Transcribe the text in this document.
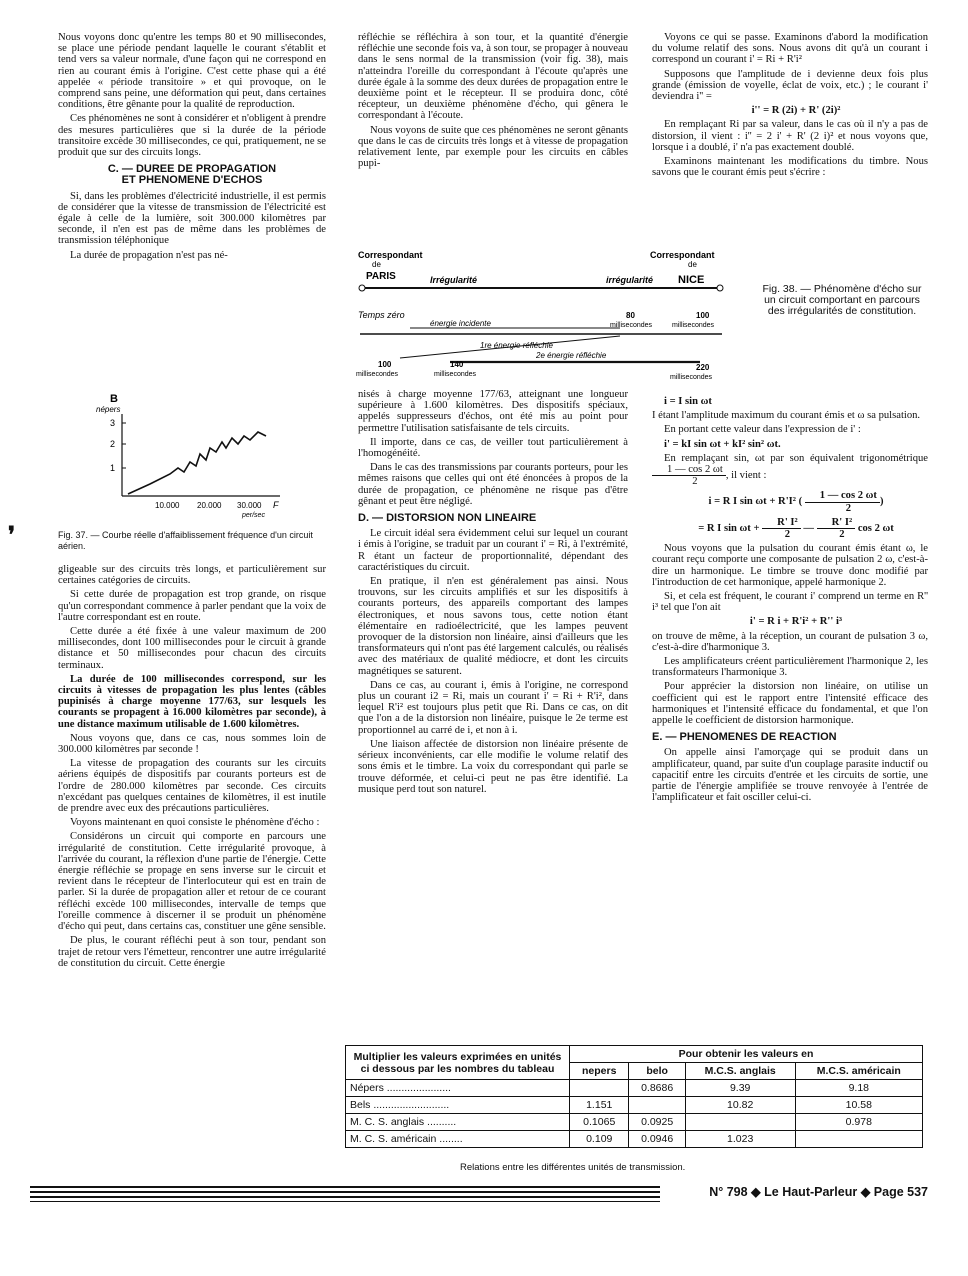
❜

Nous voyons donc qu'entre les temps 80 et 90 millisecondes, se place une période pendant laquelle le courant s'établit et tend vers sa valeur normale, d'une façon qui ne correspond en rien au courant émis à l'origine. C'est cette phase qui a été appelée « période transitoire » et qui provoque, on le comprend sans peine, une déformation qui peut, dans certaines conditions, être gênante pour la qualité de reproduction.

Ces phénomènes ne sont à considérer et n'obligent à prendre des mesures particulières que si la durée de la période transitoire excède 30 millisecondes, ce qui, pratiquement, ne se produit que sur des circuits longs.

C. — DUREE DE PROPAGATION
ET PHENOMENE D'ECHOS

Si, dans les problèmes d'électricité industrielle, il est permis de considérer que la vitesse de transmission de l'électricité est égale à celle de la lumière, soit 300.000 kilomètres par seconde, il n'en est pas de même dans les problèmes de transmission téléphonique

La durée de propagation n'est pas né-

B
népers
3
2
1
10.000 20.000 30.000 F
per/sec
Fig. 37. — Courbe réelle d'affaiblissement fréquence d'un circuit aérien.

gligeable sur des circuits très longs, et particulièrement sur certaines catégories de circuits.

Si cette durée de propagation est trop grande, on risque qu'un correspondant commence à parler pendant que la voix de l'autre correspondant est en route.

Cette durée a été fixée à une valeur maximum de 200 millisecondes, dont 100 millisecondes pour le circuit à grande distance et 50 millisecondes pour chacun des circuits terminaux.

La durée de 100 millisecondes correspond, sur les circuits à vitesses de propagation les plus lentes (câbles pupinisés à charge moyenne 177/63, sur lesquels les courants se propagent à 16.000 kilomètres par seconde), à une distance maximum utilisable de 1.600 kilomètres.

Nous voyons que, dans ce cas, nous sommes loin de 300.000 kilomètres par seconde !

La vitesse de propagation des courants sur les circuits aériens équipés de dispositifs par courants porteurs est de l'ordre de 280.000 kilomètres par seconde. Ces circuits n'excédant pas quelques centaines de kilomètres, il est inutile de prendre avec eux des précautions particulières.

Voyons maintenant en quoi consiste le phénomène d'écho :

Considérons un circuit qui comporte en parcours une irrégularité de constitution. Cette irrégularité provoque, à l'arrivée du courant, la réflexion d'une partie de l'énergie. Cette énergie réfléchie se propage en sens inverse sur le circuit et revient dans le récepteur de l'interlocuteur qui est en train de parler. Si la durée de propagation aller et retour de ce courant réfléchi excède 100 millisecondes, intervalle de temps que l'oreille commence à discerner il se produit un phénomène d'écho qui peut, dans certains cas, constituer une gêne sensible.

De plus, le courant réfléchi peut à son tour, pendant son trajet de retour vers l'émetteur, rencontrer une autre irrégularité de constitution du circuit. Cette énergie

réfléchie se réfléchira à son tour, et la quantité d'énergie réfléchie une seconde fois va, à son tour, se propager à nouveau dans le sens normal de la transmission (voir fig. 38), mais n'atteindra l'oreille du correspondant à l'écoute qu'après une durée égale à la somme des deux durées de propagation entre le deuxième point et le récepteur. Il se produira donc, côté récepteur, un deuxième phénomène d'écho, qui gênera le correspondant à l'écoute.

Nous voyons de suite que ces phénomènes ne seront gênants que dans le cas de circuits très longs et à vitesse de propagation relativement lente, par exemple pour les circuits en câbles pupi-

Voyons ce qui se passe. Examinons d'abord la modification du volume relatif des sons. Nous avons dit qu'à un courant i correspond un courant i' = Ri + R'i²

Supposons que l'amplitude de i devienne deux fois plus grande (émission de voyelle, éclat de voix, etc.) ; le courant i' deviendra i'' =

i'' = R (2i) + R' (2i)²

En remplaçant Ri par sa valeur, dans le cas où il n'y a pas de distorsion, il vient : i'' = 2 i' + R' (2 i)² et nous voyons que, lorsque i a doublé, i' n'a pas exactement doublé.

Examinons maintenant les modifications du timbre. Nous savons que le courant émis peut s'écrire :

Correspondant
de
PARIS
Correspondant
de
NICE
Irrégularité	irrégularité
Temps zéro
énergie incidente
80
millisecondes
100
millisecondes
1re énergie réfléchie
2e énergie réfléchie
100
millisecondes
140
millisecondes
220
millisecondes
Fig. 38. — Phénomène d'écho sur un circuit comportant en parcours des irrégularités de constitution.

nisés à charge moyenne 177/63, atteignant une longueur supérieure à 1.600 kilomètres. Des dispositifs spéciaux, appelés suppresseurs d'échos, ont été mis au point pour permettre l'utilisation satisfaisante de tels circuits.

Il importe, dans ce cas, de veiller tout particulièrement à l'homogénéité.

Dans le cas des transmissions par courants porteurs, pour les mêmes raisons que celles qui ont été énoncées à propos de la durée de propagation, ce phénomène ne risque pas d'être gênant et peut être négligé.

D. — DISTORSION NON LINEAIRE

Le circuit idéal sera évidemment celui sur lequel un courant i émis à l'origine, se traduit par un courant i' = Ri, à l'extrémité, R étant un facteur de proportionnalité, dépendant des caractéristiques du circuit.

En pratique, il n'en est généralement pas ainsi. Nous trouvons, sur les circuits amplifiés et sur les dispositifs à courants porteurs, des appareils comportant des lampes électroniques, et nous savons tous, cette notion étant élémentaire en radioélectricité, que les lampes peuvent provoquer de la distorsion non linéaire, ainsi d'ailleurs que les transformateurs qui n'ont pas été largement calculés, ou réalisés avec des matériaux de qualité médiocre, et dont les circuits magnétiques se saturent.

Dans ce cas, au courant i, émis à l'origine, ne correspond plus un courant i2 = Ri, mais un courant i' = Ri + R'i², dans lequel R'i² est toujours plus petit que Ri. Dans ce cas, on dit que l'on a de la distorsion non linéaire, puisque le 2e terme est proportionnel au carré de i, et non à i.

Une liaison affectée de distorsion non linéaire présente de sérieux inconvénients, car elle modifie le volume relatif des sons émis et le timbre. La voix du correspondant qui parle se trouve déformée, et celui-ci peut ne pas être identifié. La musique perd tout son naturel.

i = I sin ωt

I étant l'amplitude maximum du courant émis et ω sa pulsation.

En portant cette valeur dans l'expression de i' :

i' = kI sin ωt + kI² sin² ωt.

En remplaçant sin, ωt par son équivalent trigonométrique
$\frac{1 — \cos 2 \omega t}{2}$ , il vient :

i = R I sin ωt + R'I² ( $\frac{1 — \cos 2 \omega t}{2}$ )

= R I $\sin \omega t + \frac{\text{R' I²}}{2}$ — $\frac{\text{R' I²}}{2}$ cos 2 ωt

Nous voyons que la pulsation du courant émis étant ω, le courant reçu comporte une composante de pulsation 2 ω, c'est-à-dire un harmonique. Le timbre se trouve donc modifié par l'introduction de cet harmonique, appelé harmonique 2.

Si, et cela est fréquent, le courant i' comprend un terme en R'' i³ tel que l'on ait

i' = R i + R'i² + R'' i³

on trouve de même, à la réception, un courant de pulsation 3 ω, c'est-à-dire d'harmonique 3.

Les amplificateurs créent particulièrement l'harmonique 2, les transformateurs l'harmonique 3.

Pour apprécier la distorsion non linéaire, on utilise un coefficient qui est le rapport entre l'intensité efficace des harmoniques et l'intensité efficace du fondamental, et que l'on appelle le coefficient de distorsion harmonique.

E. — PHENOMENES DE REACTION

On appelle ainsi l'amorçage qui se produit dans un amplificateur, quand, par suite d'un couplage parasite inductif ou capacitif entre les circuits d'entrée et les circuits de sortie, une partie de l'énergie amplifiée se trouve renvoyée à l'entrée de l'amplificateur et fait osciller celui-ci.

Multiplier les valeurs exprimées en unités ci dessous par les nombres du tableau	Pour obtenir les valeurs en			
	nepers	belo	M.C.S. anglais	M.C.S. américain
Népers ......................		0.8686	9.39	9.18
Bels ..........................	1.151		10.82	10.58
M. C. S. anglais ..........	0.1065	0.0925		0.978
M. C. S. américain ........	0.109	0.0946	1.023	
Relations entre les différentes unités de transmission.
N° 798 ◆ Le Haut-Parleur ◆ Page 537
